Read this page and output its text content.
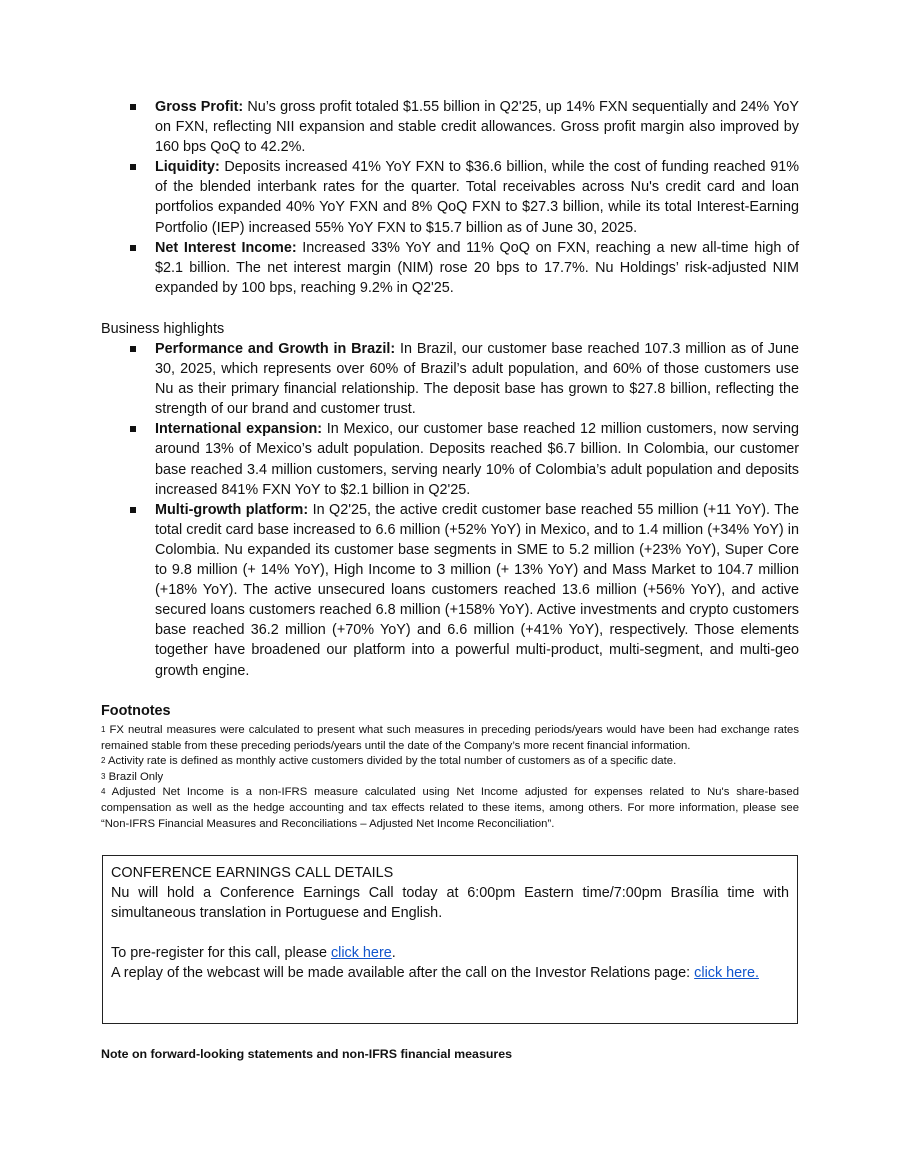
Gross Profit: Nu’s gross profit totaled $1.55 billion in Q2'25, up 14% FXN sequentially and 24% YoY on FXN, reflecting NII expansion and stable credit allowances. Gross profit margin also improved by 160 bps QoQ to 42.2%.
Liquidity: Deposits increased 41% YoY FXN to $36.6 billion, while the cost of funding reached 91% of the blended interbank rates for the quarter. Total receivables across Nu's credit card and loan portfolios expanded 40% YoY FXN and 8% QoQ FXN to $27.3 billion, while its total Interest-Earning Portfolio (IEP) increased 55% YoY FXN to $15.7 billion as of June 30, 2025.
Net Interest Income: Increased 33% YoY and 11% QoQ on FXN, reaching a new all-time high of $2.1 billion. The net interest margin (NIM) rose 20 bps to 17.7%. Nu Holdings’ risk-adjusted NIM expanded by 100 bps, reaching 9.2% in Q2'25.
Business highlights
Performance and Growth in Brazil: In Brazil, our customer base reached 107.3 million as of June 30, 2025, which represents over 60% of Brazil’s adult population, and 60% of those customers use Nu as their primary financial relationship. The deposit base has grown to $27.8 billion, reflecting the strength of our brand and customer trust.
International expansion: In Mexico, our customer base reached 12 million customers, now serving around 13% of Mexico’s adult population. Deposits reached $6.7 billion. In Colombia, our customer base reached 3.4 million customers, serving nearly 10% of Colombia’s adult population and deposits increased 841% FXN YoY to $2.1 billion in Q2'25.
Multi-growth platform: In Q2'25, the active credit customer base reached 55 million (+11 YoY). The total credit card base increased to 6.6 million (+52% YoY) in Mexico, and to 1.4 million (+34% YoY) in Colombia. Nu expanded its customer base segments in SME to 5.2 million (+23% YoY), Super Core to 9.8 million (+ 14% YoY), High Income to 3 million (+ 13% YoY) and Mass Market to 104.7 million (+18% YoY). The active unsecured loans customers reached 13.6 million (+56% YoY), and active secured loans customers reached 6.8 million (+158% YoY). Active investments and crypto customers base reached 36.2 million (+70% YoY) and 6.6 million (+41% YoY), respectively. Those elements together have broadened our platform into a powerful multi-product, multi-segment, and multi-geo growth engine.
Footnotes

$^1$ FX neutral measures were calculated to present what such measures in preceding periods/years would have been had exchange rates remained stable from these preceding periods/years until the date of the Company’s more recent financial information.

$^2$ Activity rate is defined as monthly active customers divided by the total number of customers as of a specific date.

$^3$ Brazil Only

$^4$ Adjusted Net Income is a non-IFRS measure calculated using Net Income adjusted for expenses related to Nu's share-based compensation as well as the hedge accounting and tax effects related to these items, among others. For more information, please see “Non-IFRS Financial Measures and Reconciliations – Adjusted Net Income Reconciliation”.

CONFERENCE EARNINGS CALL DETAILS

Nu will hold a Conference Earnings Call today at 6:00pm Eastern time/7:00pm Brasília time with simultaneous translation in Portuguese and English.

To pre-register for this call, please click here.

A replay of the webcast will be made available after the call on the Investor Relations page: click here.

Note on forward-looking statements and non-IFRS financial measures
